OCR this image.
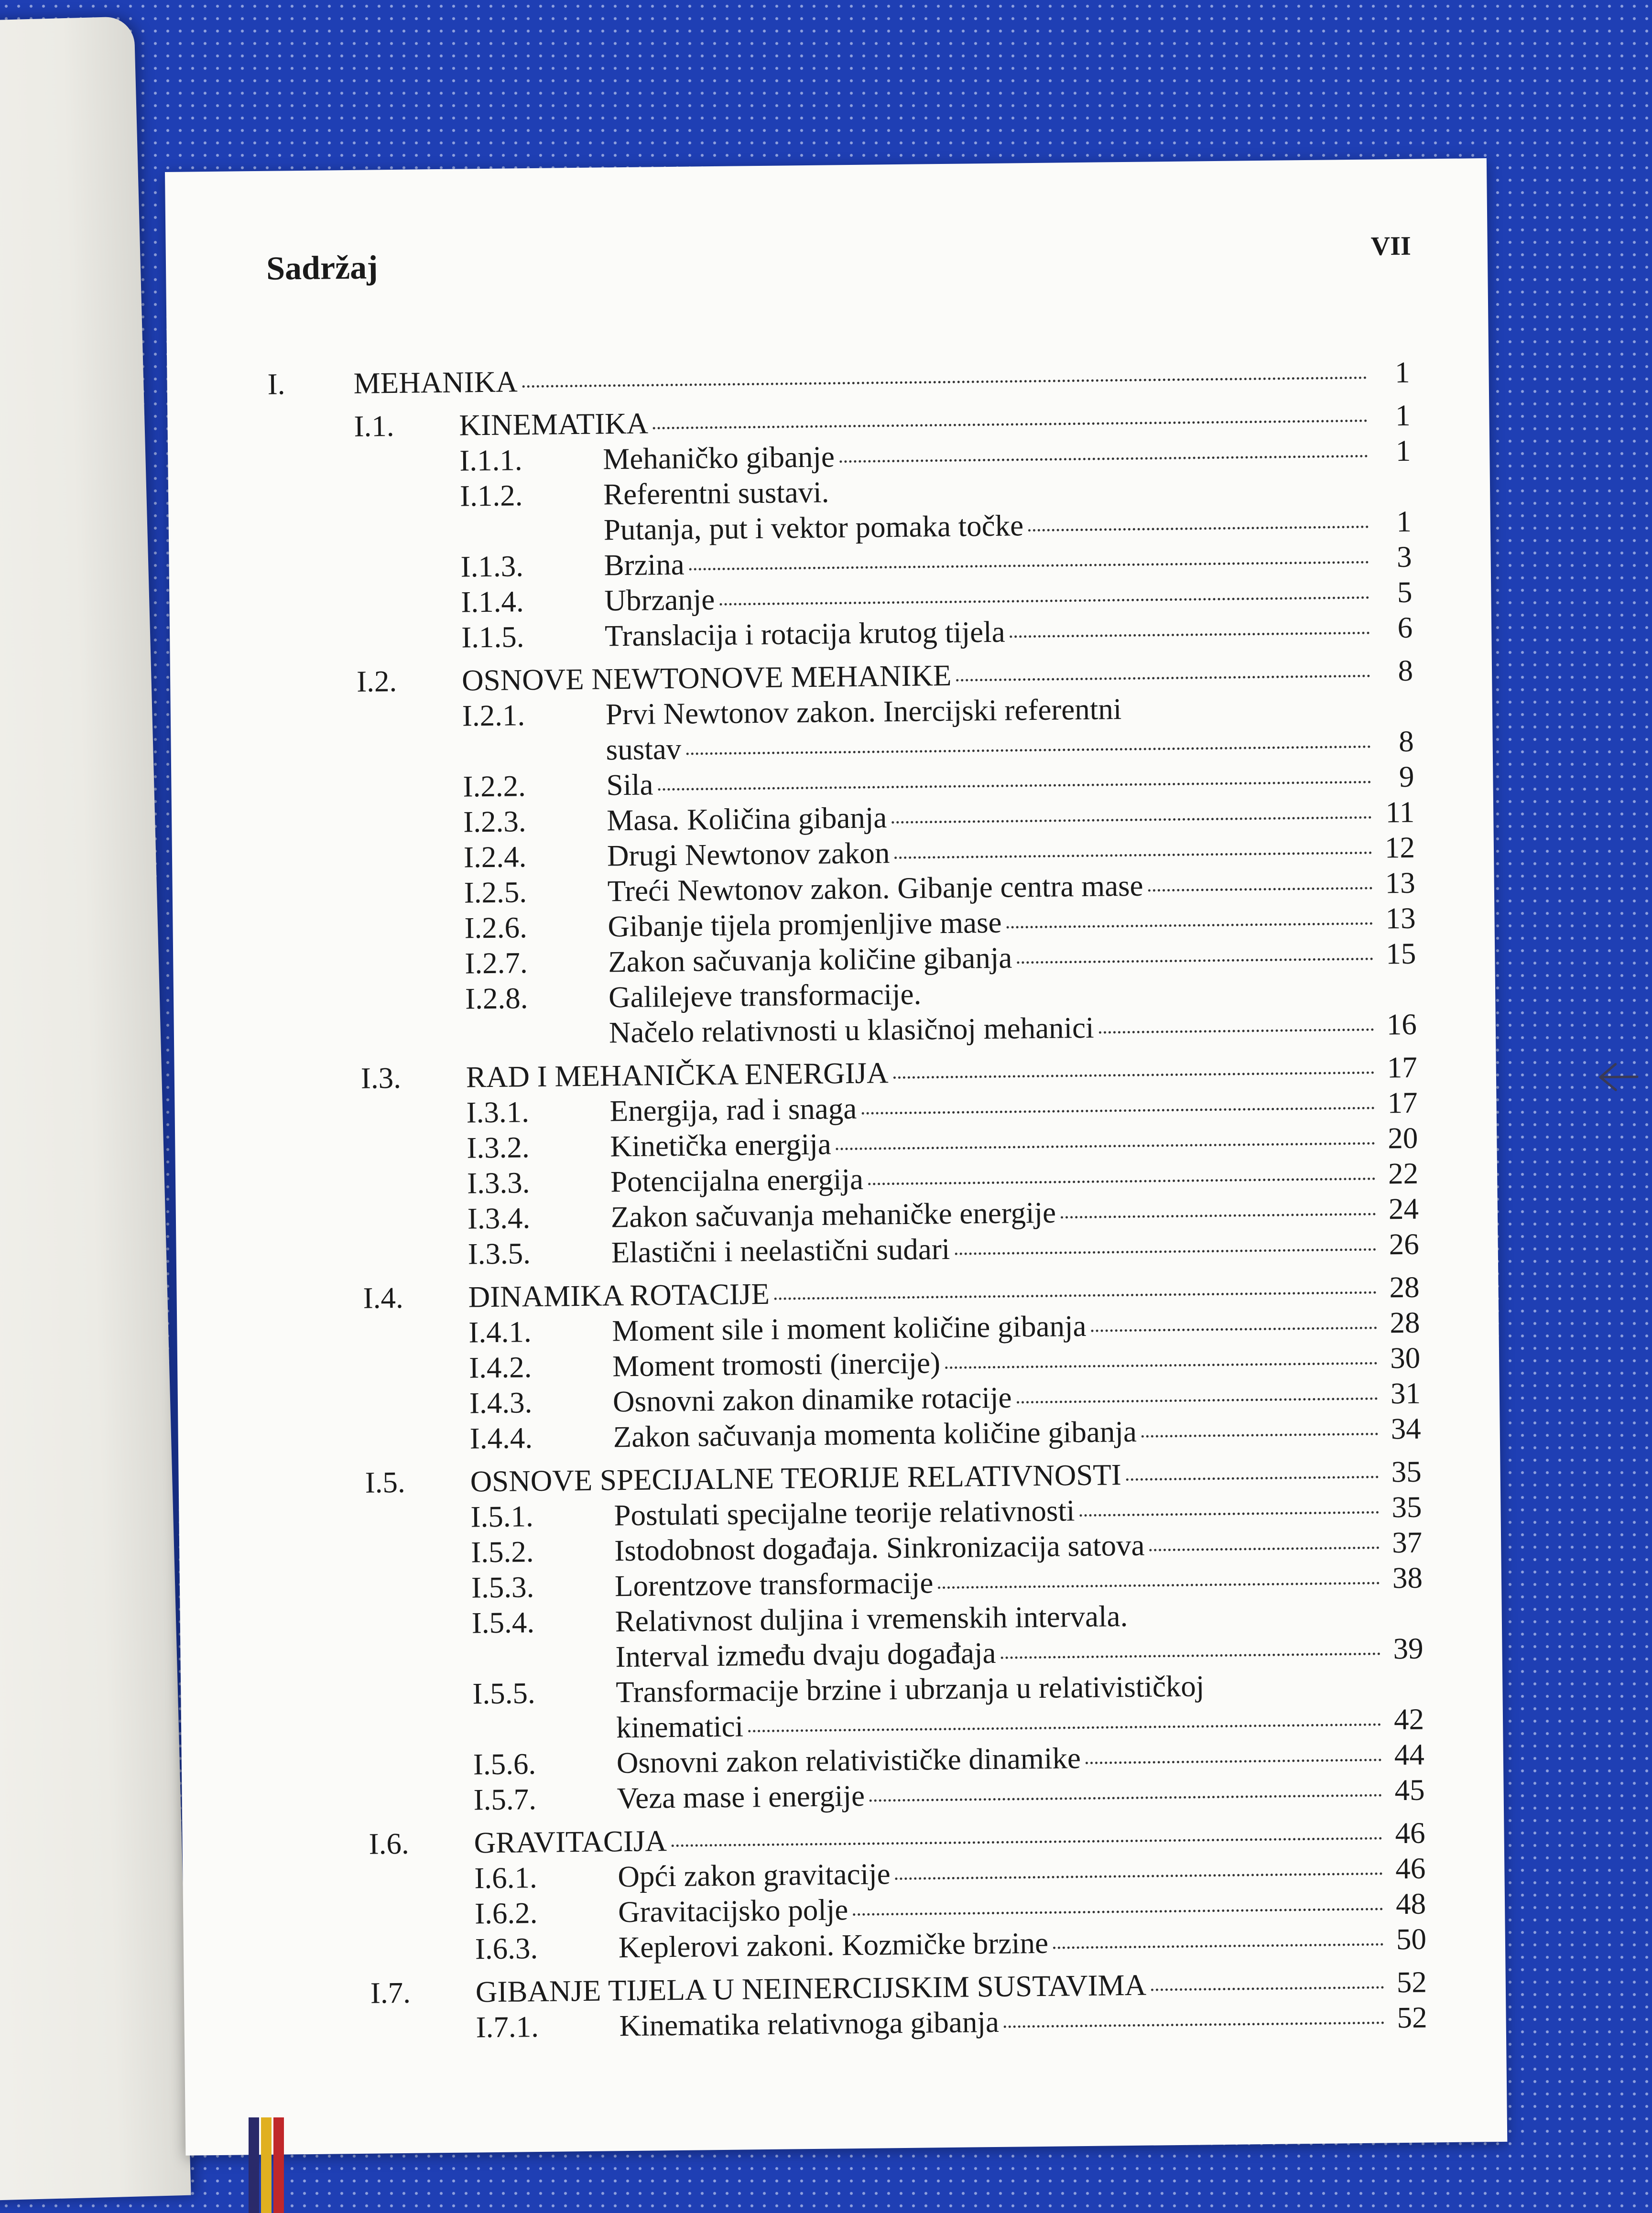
Sadržaj
VII
I. MEHANIKA	1
I.1. KINEMATIKA	1
I.1.1.	Mehaničko gibanje	1
I.1.2.	Referentni sustavi.
Putanja, put i vektor pomaka točke	1
I.1.3.	Brzina	3
I.1.4.	Ubrzanje	5
I.1.5.	Translacija i rotacija krutog tijela	6
I.2. OSNOVE NEWTONOVE MEHANIKE	8
I.2.1.	Prvi Newtonov zakon. Inercijski referentni
sustav	8
I.2.2.	Sila	9
I.2.3.	Masa. Količina gibanja	11
I.2.4.	Drugi Newtonov zakon	12
I.2.5.	Treći Newtonov zakon. Gibanje centra mase	13
I.2.6.	Gibanje tijela promjenljive mase	13
I.2.7.	Zakon sačuvanja količine gibanja	15
I.2.8.	Galilejeve transformacije.
Načelo relativnosti u klasičnoj mehanici	16
I.3. RAD I MEHANIČKA ENERGIJA	17
I.3.1.	Energija, rad i snaga	17
I.3.2.	Kinetička energija	20
I.3.3.	Potencijalna energija	22
I.3.4.	Zakon sačuvanja mehaničke energije	24
I.3.5.	Elastični i neelastični sudari	26
I.4. DINAMIKA ROTACIJE	28
I.4.1.	Moment sile i moment količine gibanja	28
I.4.2.	Moment tromosti (inercije)	30
I.4.3.	Osnovni zakon dinamike rotacije	31
I.4.4.	Zakon sačuvanja momenta količine gibanja	34
I.5. OSNOVE SPECIJALNE TEORIJE RELATIVNOSTI	35
I.5.1.	Postulati specijalne teorije relativnosti	35
I.5.2.	Istodobnost događaja. Sinkronizacija satova	37
I.5.3.	Lorentzove transformacije	38
I.5.4.	Relativnost duljina i vremenskih intervala.
Interval između dvaju događaja	39
I.5.5.	Transformacije brzine i ubrzanja u relativističkoj
kinematici	42
I.5.6.	Osnovni zakon relativističke dinamike	44
I.5.7.	Veza mase i energije	45
I.6. GRAVITACIJA	46
I.6.1.	Opći zakon gravitacije	46
I.6.2.	Gravitacijsko polje	48
I.6.3.	Keplerovi zakoni. Kozmičke brzine	50
I.7. GIBANJE TIJELA U NEINERCIJSKIM SUSTAVIMA	52
I.7.1.	Kinematika relativnoga gibanja	52
